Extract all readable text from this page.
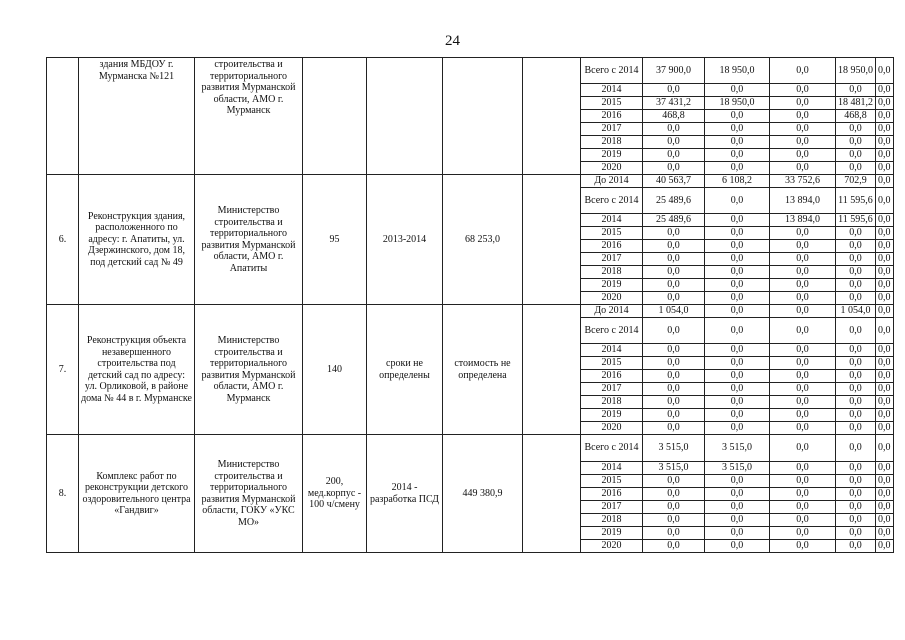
24
	здания МБДОУ г. Мурманска №121	строительства и территориального развития Мурманской области, АМО г. Мурманск					Всего с 2014	37 900,0	18 950,0	0,0	18 950,0	0,0
							2014	0,0	0,0	0,0	0,0	0,0
							2015	37 431,2	18 950,0	0,0	18 481,2	0,0
							2016	468,8	0,0	0,0	468,8	0,0
							2017	0,0	0,0	0,0	0,0	0,0
							2018	0,0	0,0	0,0	0,0	0,0
							2019	0,0	0,0	0,0	0,0	0,0
							2020	0,0	0,0	0,0	0,0	0,0
6.	Реконструкция здания, расположенного по адресу: г. Апатиты, ул. Дзержинского, дом 18, под детский сад № 49	Министерство строительства и территориального развития Мурманской области, АМО г. Апатиты	95	2013-2014	68 253,0		До 2014	40 563,7	6 108,2	33 752,6	702,9	0,0
							Всего с 2014	25 489,6	0,0	13 894,0	11 595,6	0,0
							2014	25 489,6	0,0	13 894,0	11 595,6	0,0
							2015	0,0	0,0	0,0	0,0	0,0
							2016	0,0	0,0	0,0	0,0	0,0
							2017	0,0	0,0	0,0	0,0	0,0
							2018	0,0	0,0	0,0	0,0	0,0
							2019	0,0	0,0	0,0	0,0	0,0
							2020	0,0	0,0	0,0	0,0	0,0
7.	Реконструкция объекта незавершенного строительства под детский сад по адресу: ул. Орликовой, в районе дома № 44 в г. Мурманске	Министерство строительства и территориального развития Мурманской области, АМО г. Мурманск	140	сроки не определены	стоимость не определена		До 2014	1 054,0	0,0	0,0	1 054,0	0,0
							Всего с 2014	0,0	0,0	0,0	0,0	0,0
							2014	0,0	0,0	0,0	0,0	0,0
							2015	0,0	0,0	0,0	0,0	0,0
							2016	0,0	0,0	0,0	0,0	0,0
							2017	0,0	0,0	0,0	0,0	0,0
							2018	0,0	0,0	0,0	0,0	0,0
							2019	0,0	0,0	0,0	0,0	0,0
							2020	0,0	0,0	0,0	0,0	0,0
8.	Комплекс работ по реконструкции детского оздоровительного центра «Гандвиг»	Министерство строительства и территориального развития Мурманской области, ГОКУ «УКС МО»	200, мед.корпус - 100 ч/смену	2014 - разработка ПСД	449 380,9		Всего с 2014	3 515,0	3 515,0	0,0	0,0	0,0
							2014	3 515,0	3 515,0	0,0	0,0	0,0
							2015	0,0	0,0	0,0	0,0	0,0
							2016	0,0	0,0	0,0	0,0	0,0
							2017	0,0	0,0	0,0	0,0	0,0
							2018	0,0	0,0	0,0	0,0	0,0
							2019	0,0	0,0	0,0	0,0	0,0
							2020	0,0	0,0	0,0	0,0	0,0
